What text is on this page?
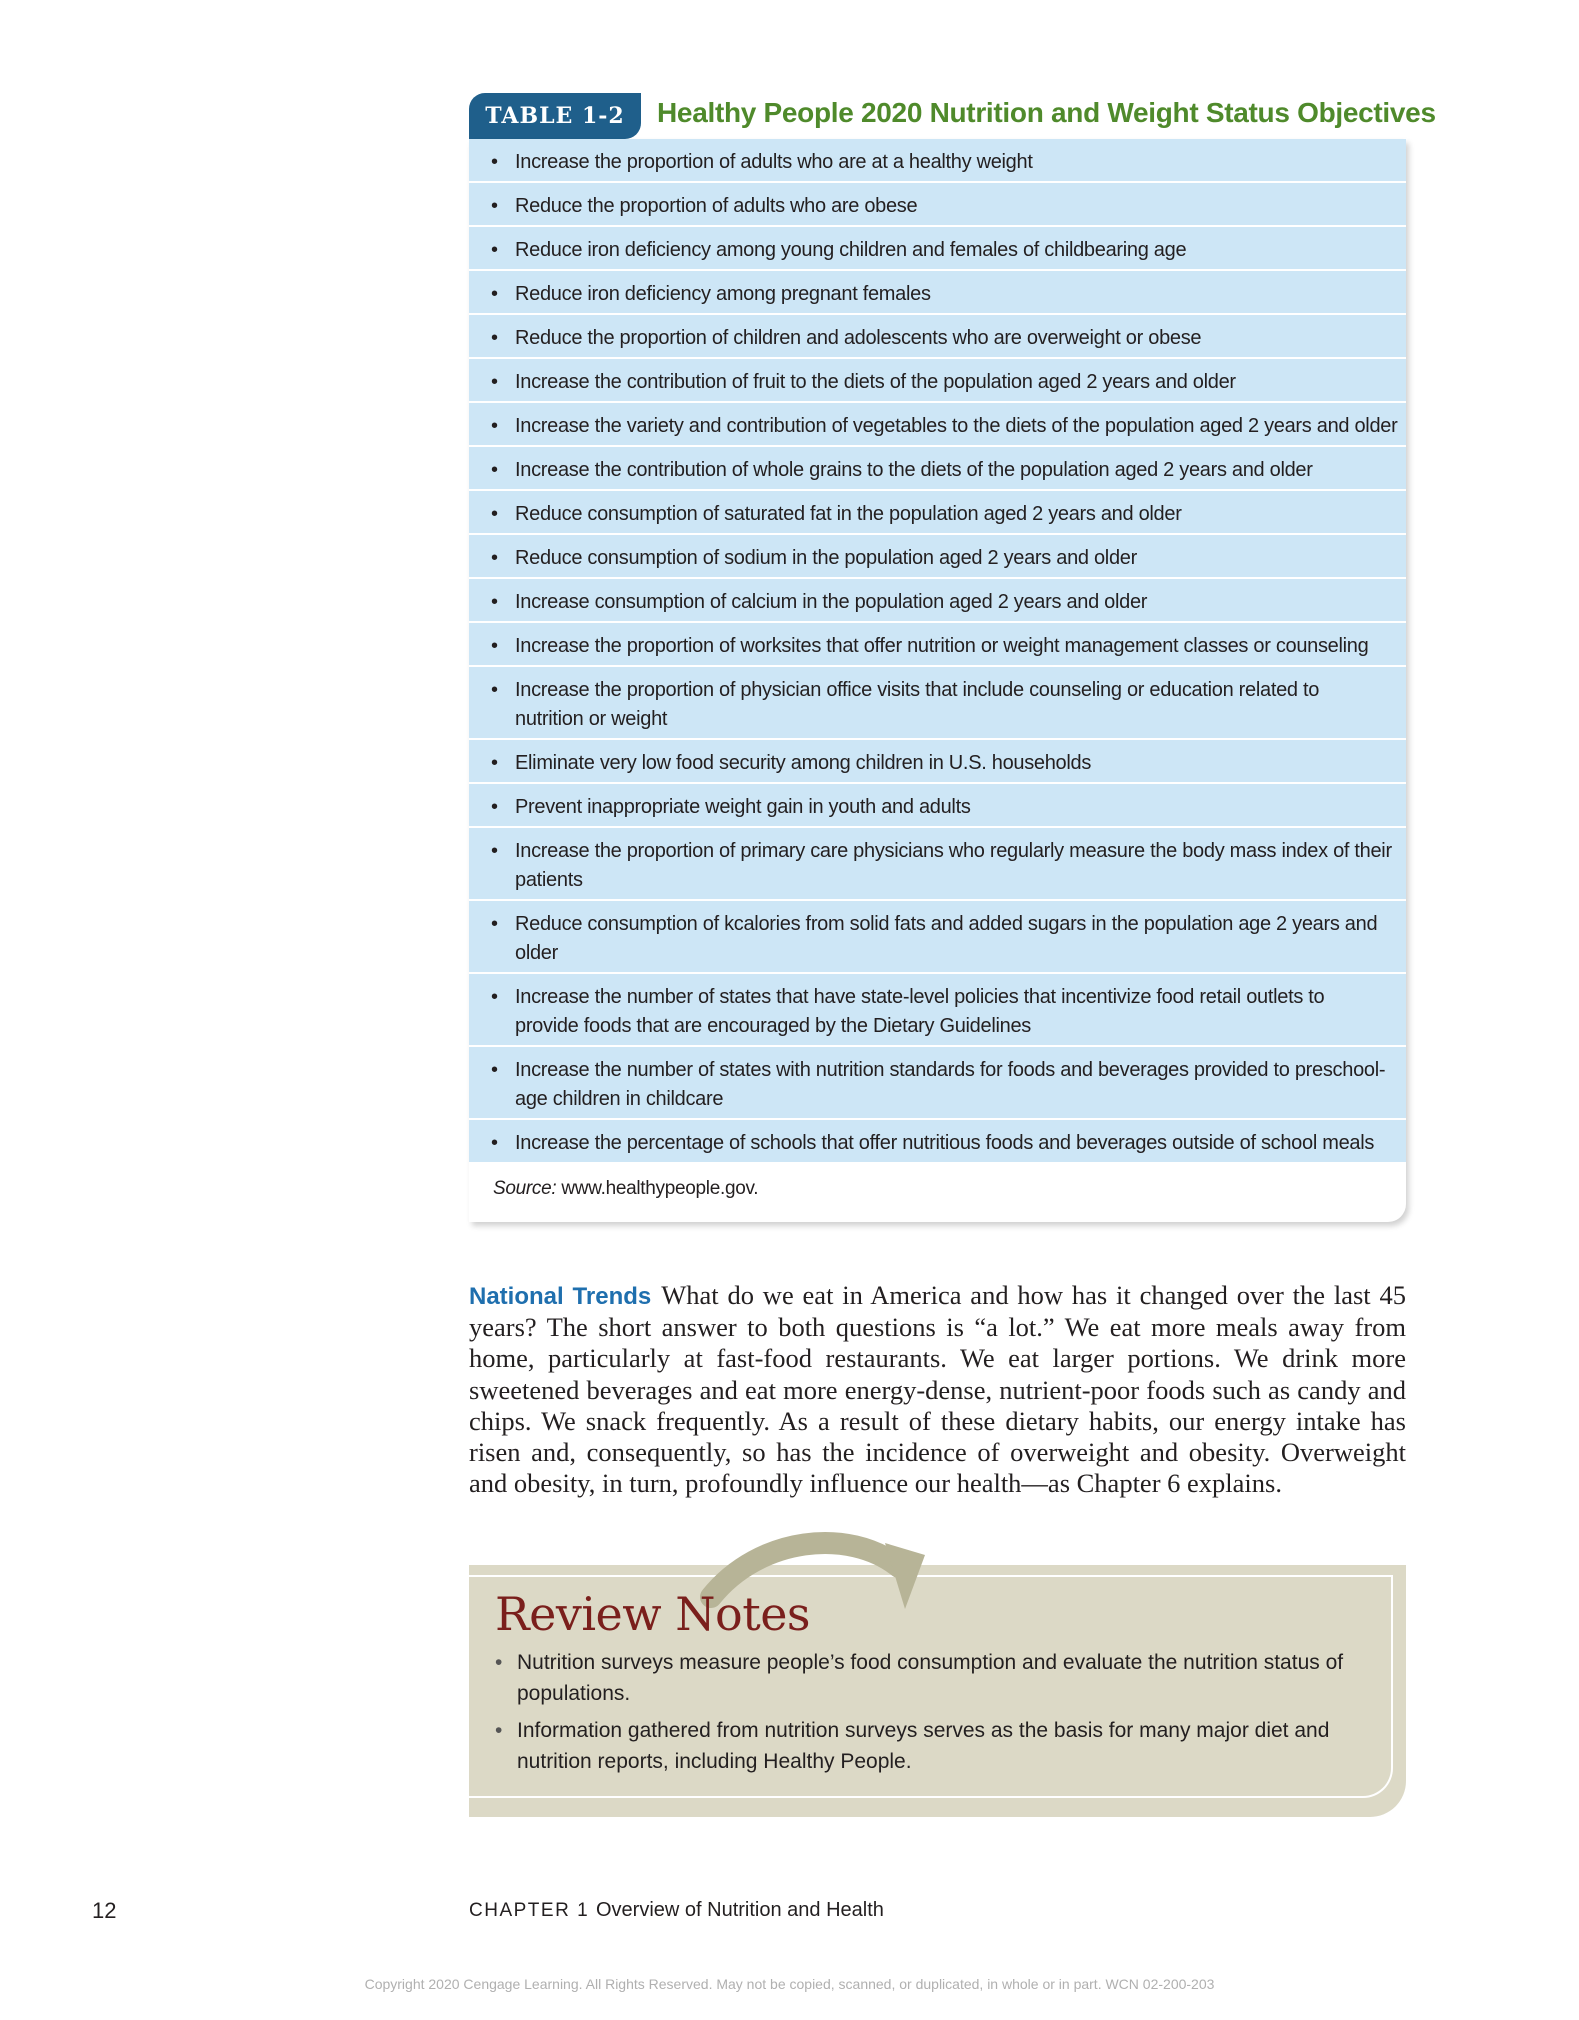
TABLE 1-2	Healthy People 2020 Nutrition and Weight Status Objectives
• Increase the proportion of adults who are at a healthy weight
• Reduce the proportion of adults who are obese
• Reduce iron deficiency among young children and females of childbearing age
• Reduce iron deficiency among pregnant females
• Reduce the proportion of children and adolescents who are overweight or obese
• Increase the contribution of fruit to the diets of the population aged 2 years and older
• Increase the variety and contribution of vegetables to the diets of the population aged 2 years and older
• Increase the contribution of whole grains to the diets of the population aged 2 years and older
• Reduce consumption of saturated fat in the population aged 2 years and older
• Reduce consumption of sodium in the population aged 2 years and older
• Increase consumption of calcium in the population aged 2 years and older
• Increase the proportion of worksites that offer nutrition or weight management classes or counseling
• Increase the proportion of physician office visits that include counseling or education related to nutrition or weight
• Eliminate very low food security among children in U.S. households
• Prevent inappropriate weight gain in youth and adults
• Increase the proportion of primary care physicians who regularly measure the body mass index of their patients
• Reduce consumption of kcalories from solid fats and added sugars in the population age 2 years and older
• Increase the number of states that have state-level policies that incentivize food retail outlets to provide foods that are encouraged by the Dietary Guidelines
• Increase the number of states with nutrition standards for foods and beverages provided to preschool-age children in childcare
• Increase the percentage of schools that offer nutritious foods and beverages outside of school meals
Source: www.healthypeople.gov.
National Trends What do we eat in America and how has it changed over the last 45 years? The short answer to both questions is “a lot.” We eat more meals away from home, particularly at fast-food restaurants. We eat larger portions. We drink more sweetened beverages and eat more energy-dense, nutrient-poor foods such as candy and chips. We snack frequently. As a result of these dietary habits, our energy intake has risen and, consequently, so has the incidence of overweight and obesity. Overweight and obesity, in turn, profoundly influence our health—as Chapter 6 explains.
Review Notes
• Nutrition surveys measure people’s food consumption and evaluate the nutrition status of populations.
• Information gathered from nutrition surveys serves as the basis for many major diet and nutrition reports, including Healthy People.
12	CHAPTER 1 Overview of Nutrition and Health
Copyright 2020 Cengage Learning. All Rights Reserved. May not be copied, scanned, or duplicated, in whole or in part. WCN 02-200-203
